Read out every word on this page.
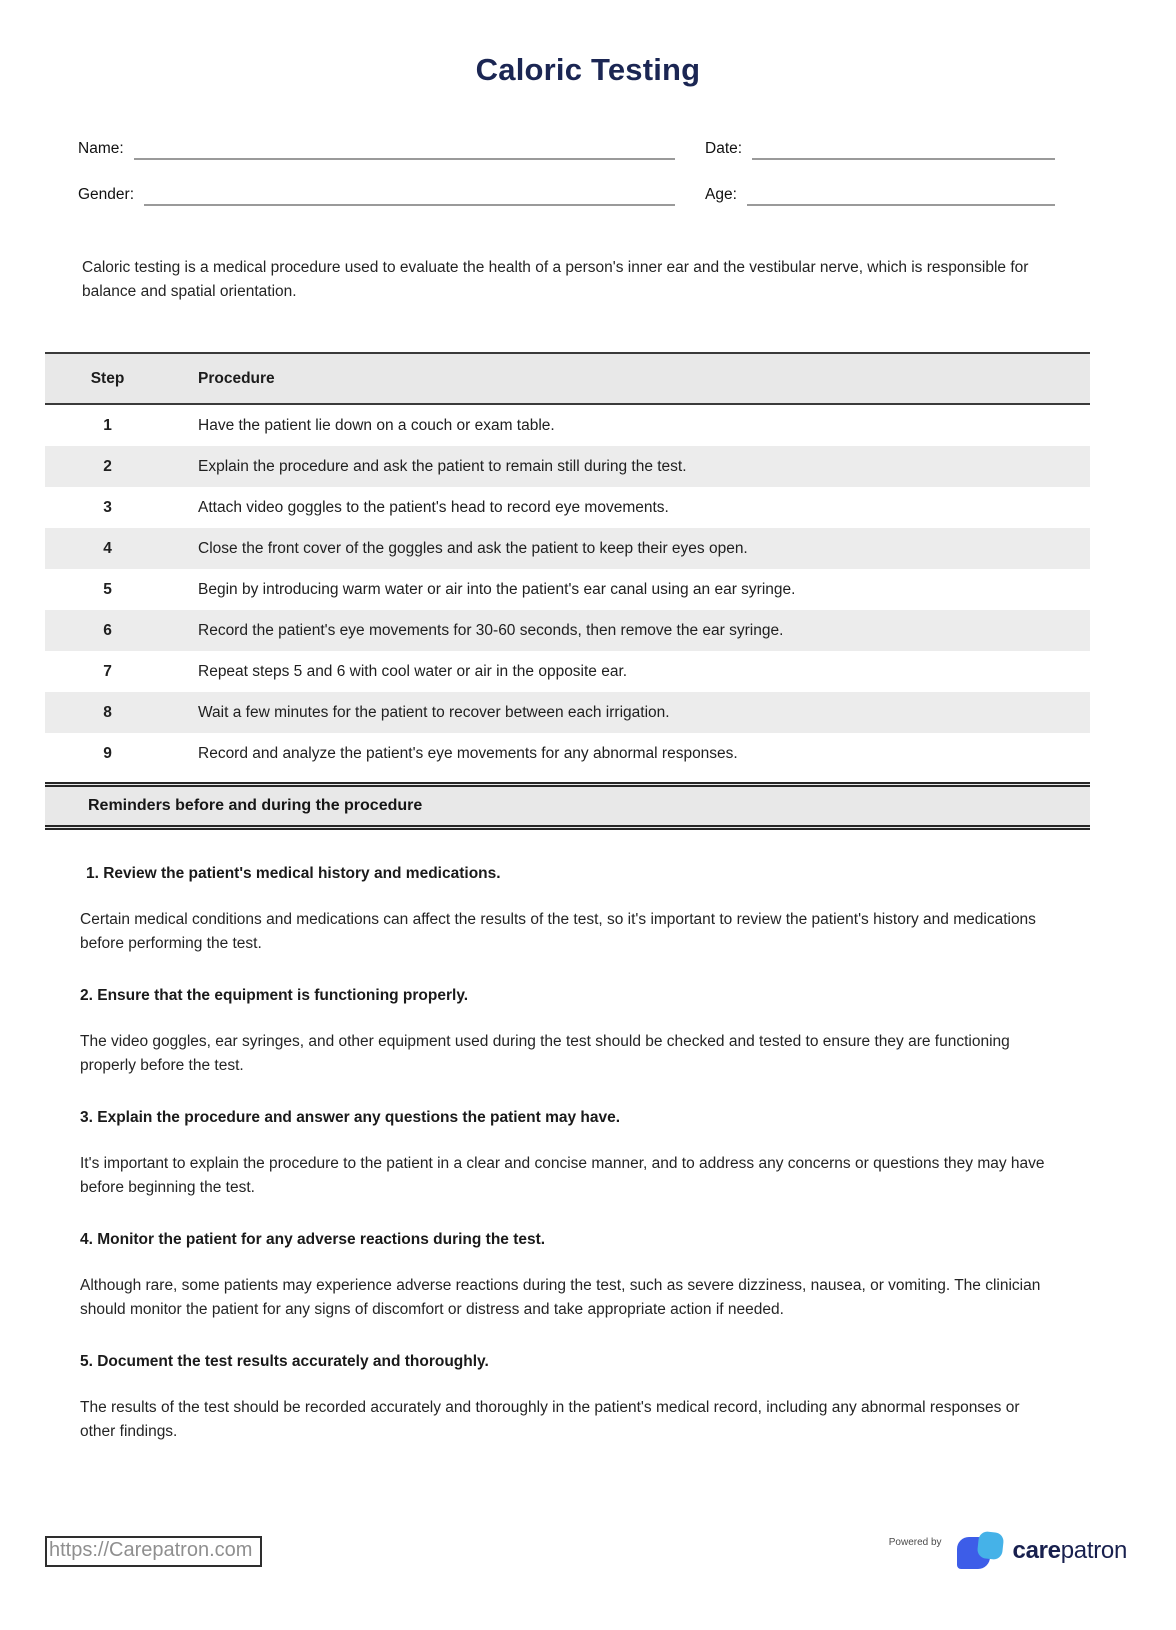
Caloric Testing
Name:	Date:
Gender:	Age:

Caloric testing is a medical procedure used to evaluate the health of a person's inner ear and the vestibular nerve, which is responsible for balance and spatial orientation.

Step	Procedure
1	Have the patient lie down on a couch or exam table.
2	Explain the procedure and ask the patient to remain still during the test.
3	Attach video goggles to the patient's head to record eye movements.
4	Close the front cover of the goggles and ask the patient to keep their eyes open.
5	Begin by introducing warm water or air into the patient's ear canal using an ear syringe.
6	Record the patient's eye movements for 30-60 seconds, then remove the ear syringe.
7	Repeat steps 5 and 6 with cool water or air in the opposite ear.
8	Wait a few minutes for the patient to recover between each irrigation.
9	Record and analyze the patient's eye movements for any abnormal responses.
Reminders before and during the procedure
1. Review the patient's medical history and medications.

Certain medical conditions and medications can affect the results of the test, so it's important to review the patient's history and medications before performing the test.

2. Ensure that the equipment is functioning properly.

The video goggles, ear syringes, and other equipment used during the test should be checked and tested to ensure they are functioning properly before the test.

3. Explain the procedure and answer any questions the patient may have.

It's important to explain the procedure to the patient in a clear and concise manner, and to address any concerns or questions they may have before beginning the test.

4. Monitor the patient for any adverse reactions during the test.

Although rare, some patients may experience adverse reactions during the test, such as severe dizziness, nausea, or vomiting. The clinician should monitor the patient for any signs of discomfort or distress and take appropriate action if needed.

5. Document the test results accurately and thoroughly.

The results of the test should be recorded accurately and thoroughly in the patient's medical record, including any abnormal responses or other findings.

https://Carepatron.com	Powered by	carepatron
